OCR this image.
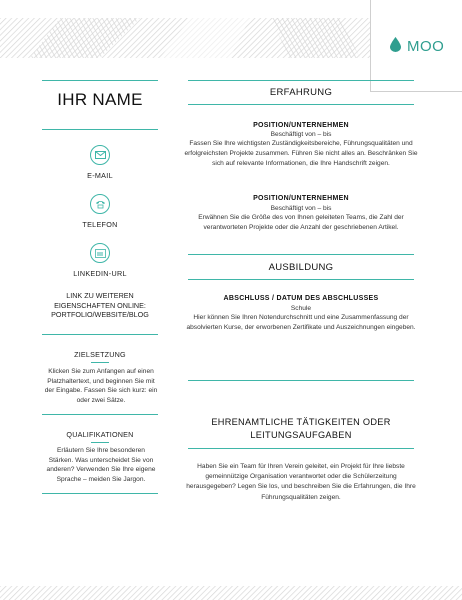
MOO
IHR NAME
E-MAIL
TELEFON
LINKEDIN-URL
LINK ZU WEITEREN EIGENSCHAFTEN ONLINE: PORTFOLIO/WEBSITE/BLOG
ZIELSETZUNG
Klicken Sie zum Anfangen auf einen Platzhaltertext, und beginnen Sie mit der Eingabe. Fassen Sie sich kurz: ein oder zwei Sätze.
QUALIFIKATIONEN
Erläutern Sie Ihre besonderen Stärken. Was unterscheidet Sie von anderen? Verwenden Sie Ihre eigene Sprache – meiden Sie Jargon.
ERFAHRUNG
POSITION/UNTERNEHMEN
Beschäftigt von – bis
Fassen Sie Ihre wichtigsten Zuständigkeitsbereiche, Führungsqualitäten und erfolgreichsten Projekte zusammen. Führen Sie nicht alles an. Beschränken Sie sich auf relevante Informationen, die Ihre Handschrift zeigen.
POSITION/UNTERNEHMEN
Beschäftigt von – bis
Erwähnen Sie die Größe des von Ihnen geleiteten Teams, die Zahl der verantworteten Projekte oder die Anzahl der geschriebenen Artikel.
AUSBILDUNG
ABSCHLUSS / DATUM DES ABSCHLUSSES
Schule
Hier können Sie Ihren Notendurchschnitt und eine Zusammenfassung der absolvierten Kurse, der erworbenen Zertifikate und Auszeichnungen eingeben.
EHRENAMTLICHE TÄTIGKEITEN ODER LEITUNGSAUFGABEN
Haben Sie ein Team für Ihren Verein geleitet, ein Projekt für Ihre liebste gemeinnützige Organisation verantwortet oder die Schülerzeitung herausgegeben? Legen Sie los, und beschreiben Sie die Erfahrungen, die Ihre Führungsqualitäten zeigen.
